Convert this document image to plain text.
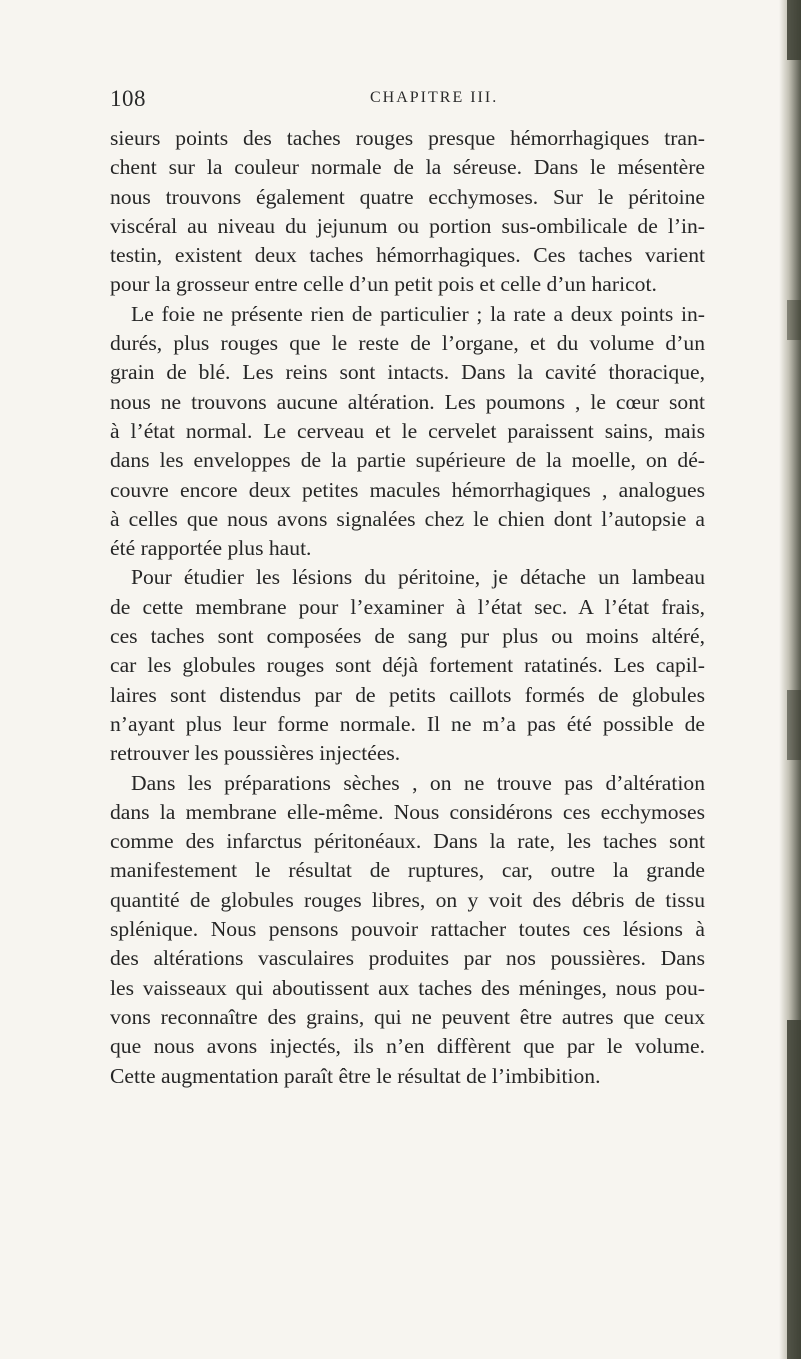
108	CHAPITRE III.
sieurs points des taches rouges presque hémorrhagiques tran-
chent sur la couleur normale de la séreuse. Dans le mésentère
nous trouvons également quatre ecchymoses. Sur le péritoine
viscéral au niveau du jejunum ou portion sus-ombilicale de l’in-
testin, existent deux taches hémorrhagiques. Ces taches varient
pour la grosseur entre celle d’un petit pois et celle d’un haricot.
Le foie ne présente rien de particulier ; la rate a deux points in-
durés, plus rouges que le reste de l’organe, et du volume d’un
grain de blé. Les reins sont intacts. Dans la cavité thoracique,
nous ne trouvons aucune altération. Les poumons , le cœur sont
à l’état normal. Le cerveau et le cervelet paraissent sains, mais
dans les enveloppes de la partie supérieure de la moelle, on dé-
couvre encore deux petites macules hémorrhagiques , analogues
à celles que nous avons signalées chez le chien dont l’autopsie a
été rapportée plus haut.
Pour étudier les lésions du péritoine, je détache un lambeau
de cette membrane pour l’examiner à l’état sec. A l’état frais,
ces taches sont composées de sang pur plus ou moins altéré,
car les globules rouges sont déjà fortement ratatinés. Les capil-
laires sont distendus par de petits caillots formés de globules
n’ayant plus leur forme normale. Il ne m’a pas été possible de
retrouver les poussières injectées.
Dans les préparations sèches , on ne trouve pas d’altération
dans la membrane elle-même. Nous considérons ces ecchymoses
comme des infarctus péritonéaux. Dans la rate, les taches sont
manifestement le résultat de ruptures, car, outre la grande
quantité de globules rouges libres, on y voit des débris de tissu
splénique. Nous pensons pouvoir rattacher toutes ces lésions à
des altérations vasculaires produites par nos poussières. Dans
les vaisseaux qui aboutissent aux taches des méninges, nous pou-
vons reconnaître des grains, qui ne peuvent être autres que ceux
que nous avons injectés, ils n’en diffèrent que par le volume.
Cette augmentation paraît être le résultat de l’imbibition.
